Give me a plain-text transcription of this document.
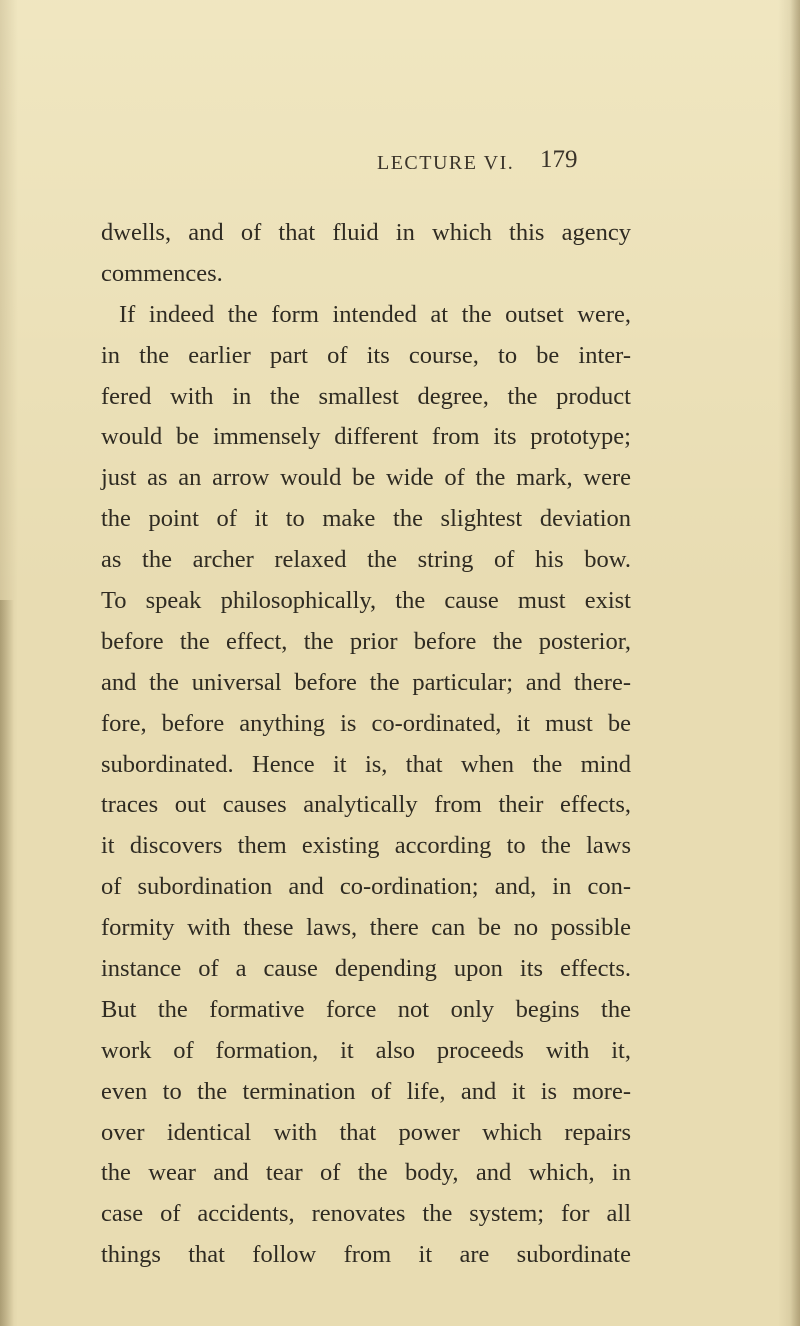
LECTURE VI. 179
dwells, and of that fluid in which this agency
commences.
If indeed the form intended at the outset were,
in the earlier part of its course, to be inter-
fered with in the smallest degree, the product
would be immensely different from its prototype;
just as an arrow would be wide of the mark, were
the point of it to make the slightest deviation
as the archer relaxed the string of his bow.
To speak philosophically, the cause must exist
before the effect, the prior before the posterior,
and the universal before the particular; and there-
fore, before anything is co-ordinated, it must be
subordinated. Hence it is, that when the mind
traces out causes analytically from their effects,
it discovers them existing according to the laws
of subordination and co-ordination; and, in con-
formity with these laws, there can be no possible
instance of a cause depending upon its effects.
But the formative force not only begins the
work of formation, it also proceeds with it,
even to the termination of life, and it is more-
over identical with that power which repairs
the wear and tear of the body, and which, in
case of accidents, renovates the system; for all
things that follow from it are subordinate
